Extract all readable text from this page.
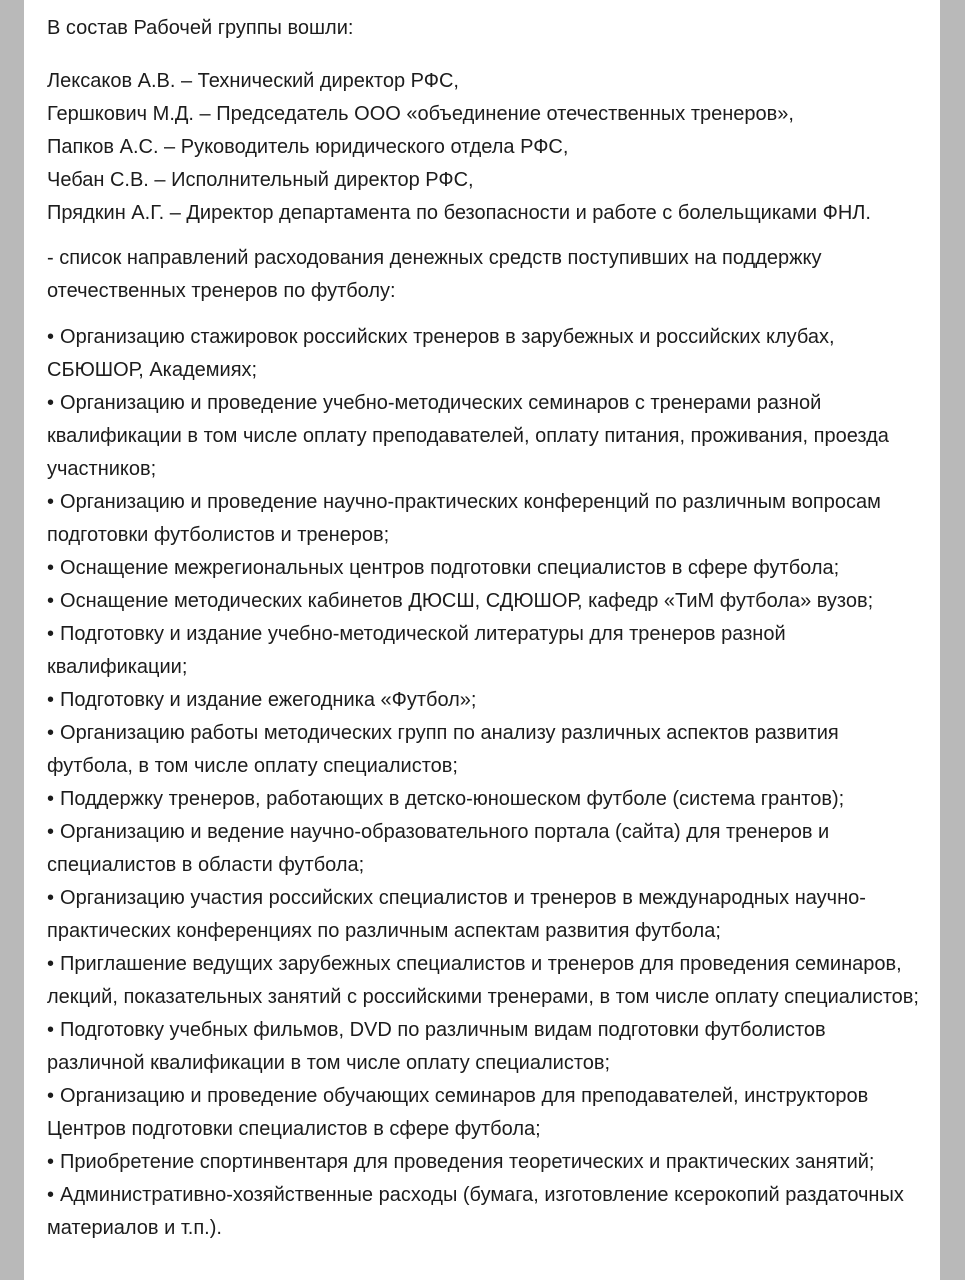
В состав Рабочей группы вошли:

Лексаков А.В. – Технический директор РФС,

Гершкович М.Д. – Председатель ООО «объединение отечественных тренеров»,

Папков А.С. – Руководитель юридического отдела РФС,

Чебан С.В. – Исполнительный директор РФС,

Прядкин А.Г. – Директор департамента по безопасности и работе с болельщиками ФНЛ.

- список направлений расходования денежных средств поступивших на поддержку отечественных тренеров по футболу:

• Организацию стажировок российских тренеров в зарубежных и российских клубах, СБЮШОР, Академиях;

• Организацию и проведение учебно-методических семинаров с тренерами разной квалификации в том числе оплату преподавателей, оплату питания, проживания, проезда участников;

• Организацию и проведение научно-практических конференций по различным вопросам подготовки футболистов и тренеров;

• Оснащение межрегиональных центров подготовки специалистов в сфере футбола;

• Оснащение методических кабинетов ДЮСШ, СДЮШОР, кафедр «ТиМ футбола» вузов;

• Подготовку и издание учебно-методической литературы для тренеров разной квалификации;

• Подготовку и издание ежегодника «Футбол»;

• Организацию работы методических групп по анализу различных аспектов развития футбола, в том числе оплату специалистов;

• Поддержку тренеров, работающих в детско-юношеском футболе (система грантов);

• Организацию и ведение научно-образовательного портала (сайта) для тренеров и специалистов в области футбола;

• Организацию участия российских специалистов и тренеров в международных научно-практических конференциях по различным аспектам развития футбола;

• Приглашение ведущих зарубежных специалистов и тренеров для проведения семинаров, лекций, показательных занятий с российскими тренерами, в том числе оплату специалистов;

• Подготовку учебных фильмов, DVD по различным видам подготовки футболистов различной квалификации в том числе оплату специалистов;

• Организацию и проведение обучающих семинаров для преподавателей, инструкторов Центров подготовки специалистов в сфере футбола;

• Приобретение спортинвентаря для проведения теоретических и практических занятий;

• Административно-хозяйственные расходы (бумага, изготовление ксерокопий раздаточных материалов и т.п.).
